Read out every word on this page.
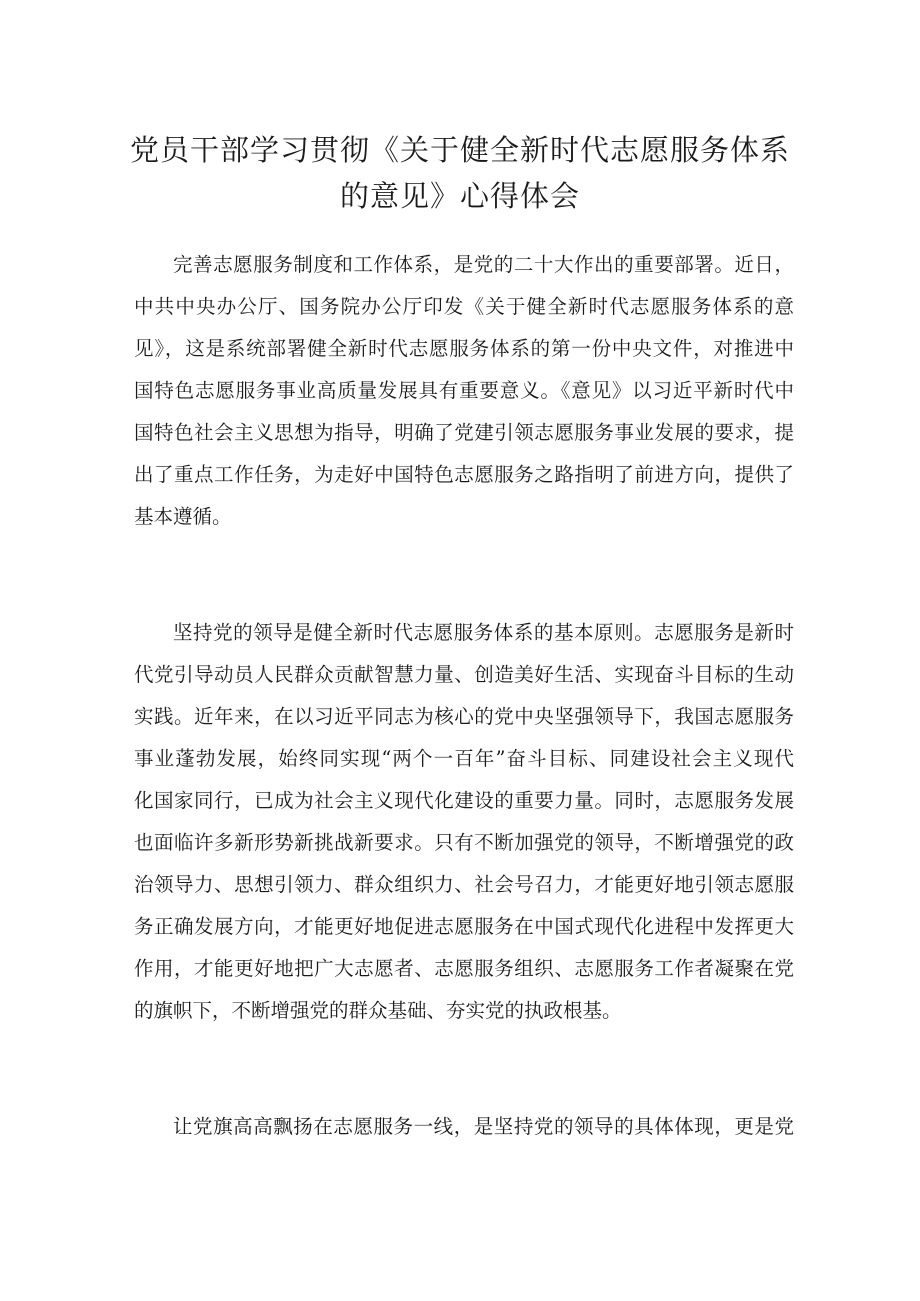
党员干部学习贯彻《关于健全新时代志愿服务体系
的意见》心得体会
完善志愿服务制度和工作体系，是党的二十大作出的重要部署。近日，
中共中央办公厅、国务院办公厅印发《关于健全新时代志愿服务体系的意
见》，这是系统部署健全新时代志愿服务体系的第一份中央文件，对推进中
国特色志愿服务事业高质量发展具有重要意义。《意见》以习近平新时代中
国特色社会主义思想为指导，明确了党建引领志愿服务事业发展的要求，提
出了重点工作任务，为走好中国特色志愿服务之路指明了前进方向，提供了
基本遵循。
坚持党的领导是健全新时代志愿服务体系的基本原则。志愿服务是新时
代党引导动员人民群众贡献智慧力量、创造美好生活、实现奋斗目标的生动
实践。近年来，在以习近平同志为核心的党中央坚强领导下，我国志愿服务
事业蓬勃发展，始终同实现“两个一百年”奋斗目标、同建设社会主义现代
化国家同行，已成为社会主义现代化建设的重要力量。同时，志愿服务发展
也面临许多新形势新挑战新要求。只有不断加强党的领导，不断增强党的政
治领导力、思想引领力、群众组织力、社会号召力，才能更好地引领志愿服
务正确发展方向，才能更好地促进志愿服务在中国式现代化进程中发挥更大
作用，才能更好地把广大志愿者、志愿服务组织、志愿服务工作者凝聚在党
的旗帜下，不断增强党的群众基础、夯实党的执政根基。
让党旗高高飘扬在志愿服务一线，是坚持党的领导的具体体现，更是党
